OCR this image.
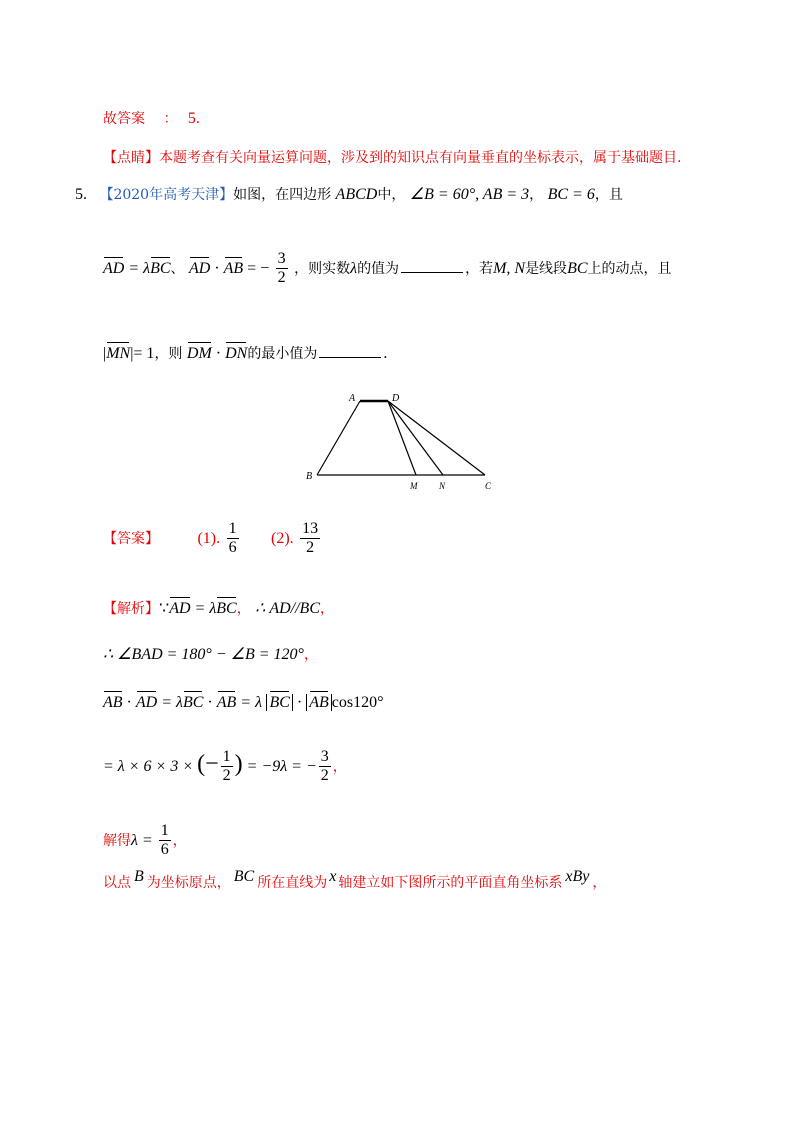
故答案 ： 5.
【点睛】本题考查有关向量运算问题，涉及到的知识点有向量垂直的坐标表示，属于基础题目.
5. 【2020年高考天津】如图，在四边形 ABCD中， ∠B = 60°, AB = 3， BC = 6，且
AD = λBC、 AD · AB = − $\frac{3}{2}$ ，则实数λ的值为	，若M, N是线段BC上的动点，且
|MN|= 1，则 DM · DN的最小值为	.
A	D
B
M N	C
【答案】 (1). $\frac{1}{6} (2)$. $\frac{13}{2}$
【解析】∵AD = λBC， ∴ AD//BC，
∴ ∠BAD = 180° − ∠B = 120°，
AB · AD = λBC · AB = λ BC · AB cos120°
= λ × 6 × 3 × (− $\frac{1}{2}$ ) = −9λ = − $\frac{3}{2}$ ，
解得$\lambda = \frac{1}{6}$ ，
以点 B 为坐标原点， BC 所在直线为 x 轴建立如下图所示的平面直角坐标系 xBy ，
